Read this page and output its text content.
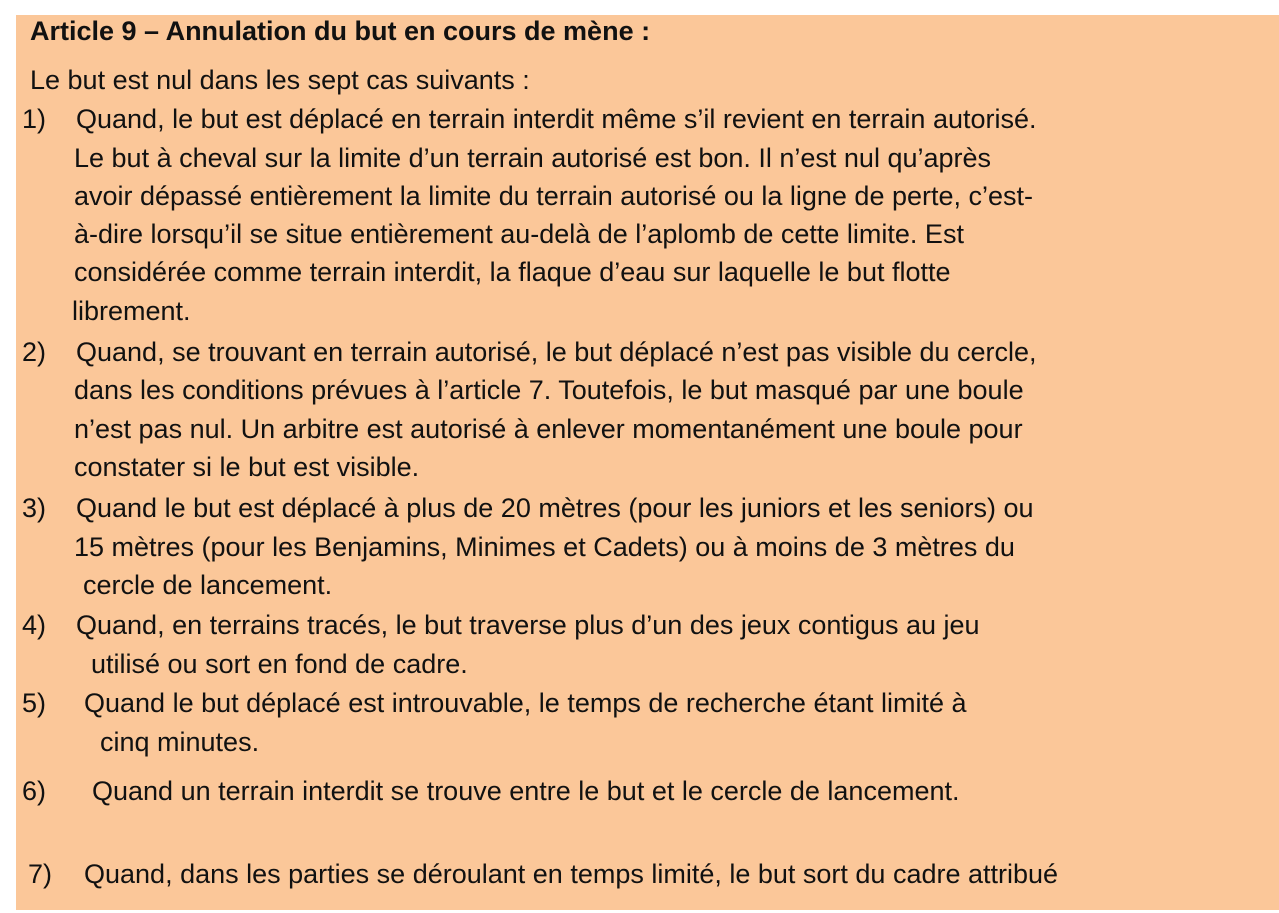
Article 9 – Annulation du but en cours de mène :
Le but est nul dans les sept cas suivants :
1) Quand, le but est déplacé en terrain interdit même s’il revient en terrain autorisé.
Le but à cheval sur la limite d’un terrain autorisé est bon. Il n’est nul qu’après
avoir dépassé entièrement la limite du terrain autorisé ou la ligne de perte, c’est-
à-dire lorsqu’il se situe entièrement au-delà de l’aplomb de cette limite. Est
considérée comme terrain interdit, la flaque d’eau sur laquelle le but flotte
librement.
2) Quand, se trouvant en terrain autorisé, le but déplacé n’est pas visible du cercle,
dans les conditions prévues à l’article 7. Toutefois, le but masqué par une boule
n’est pas nul. Un arbitre est autorisé à enlever momentanément une boule pour
constater si le but est visible.
3) Quand le but est déplacé à plus de 20 mètres (pour les juniors et les seniors) ou
15 mètres (pour les Benjamins, Minimes et Cadets) ou à moins de 3 mètres du
cercle de lancement.
4) Quand, en terrains tracés, le but traverse plus d’un des jeux contigus au jeu
utilisé ou sort en fond de cadre.
5) Quand le but déplacé est introuvable, le temps de recherche étant limité à
cinq minutes.
6) Quand un terrain interdit se trouve entre le but et le cercle de lancement.
7) Quand, dans les parties se déroulant en temps limité, le but sort du cadre attribué
